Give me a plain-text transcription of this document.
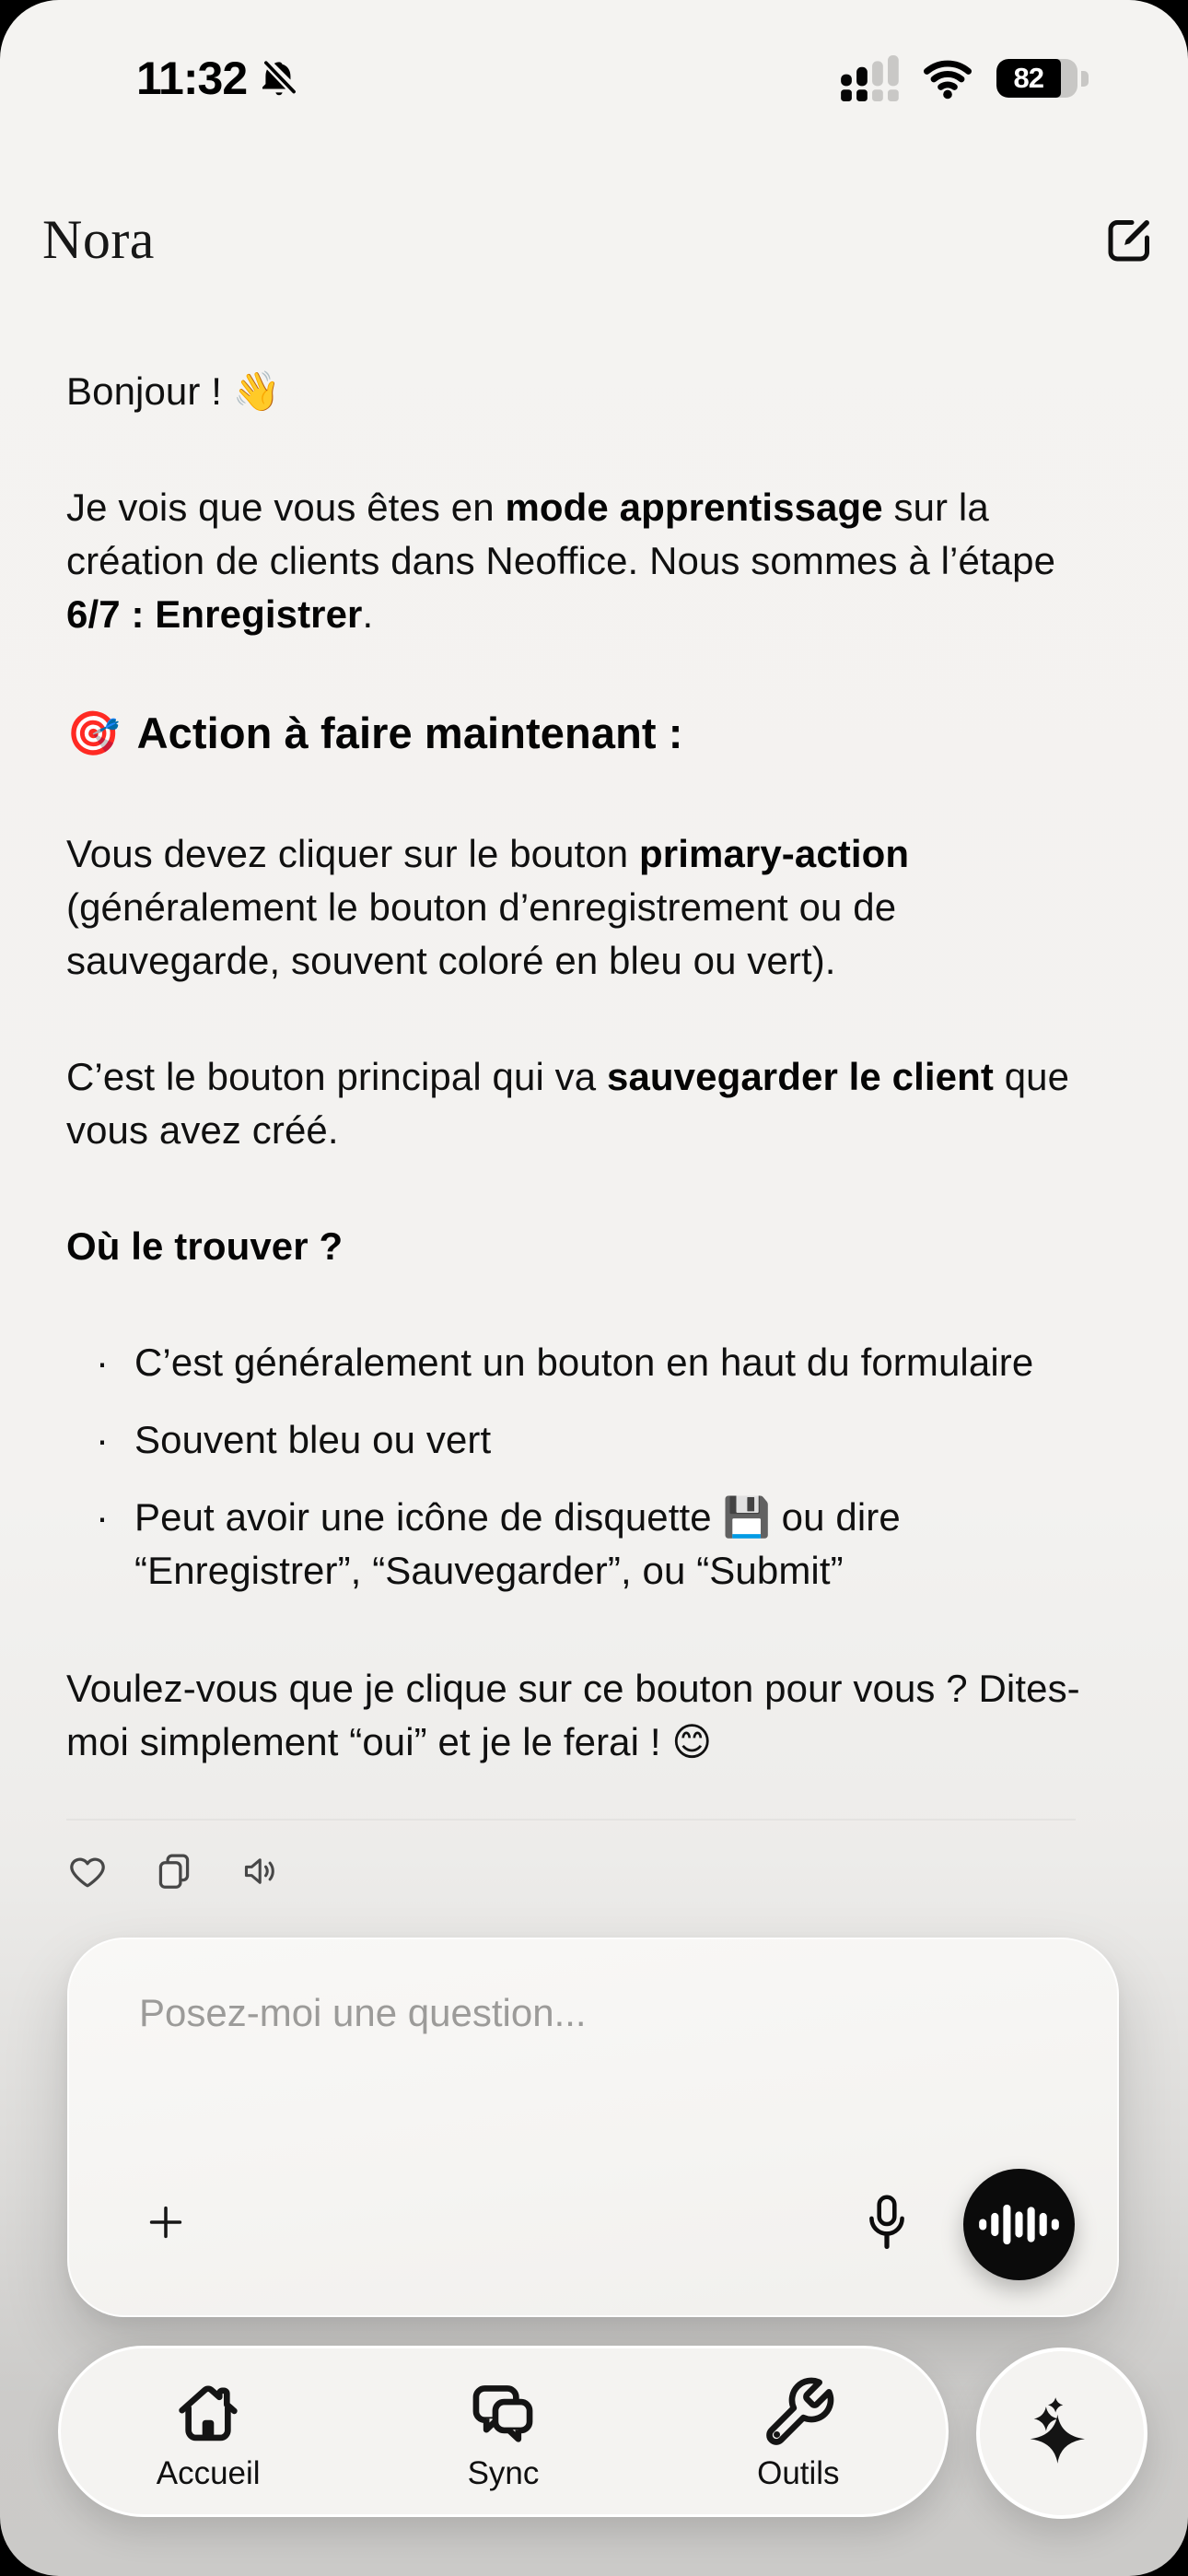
11:32	82
Nora

Bonjour ! 👋

Je vois que vous êtes en mode apprentissage sur la création de clients dans Neoffice. Nous sommes à l’étape 6/7 : Enregistrer.

🎯 Action à faire maintenant :

Vous devez cliquer sur le bouton primary-action (généralement le bouton d’enregistrement ou de sauvegarde, souvent coloré en bleu ou vert).

C’est le bouton principal qui va sauvegarder le client que vous avez créé.

Où le trouver ?

· C’est généralement un bouton en haut du formulaire
· Souvent bleu ou vert
· Peut avoir une icône de disquette 💾 ou dire “Enregistrer”, “Sauvegarder”, ou “Submit”

Voulez-vous que je clique sur ce bouton pour vous ? Dites-moi simplement “oui” et je le ferai ! 😊

Posez-moi une question...
Accueil	Sync	Outils
